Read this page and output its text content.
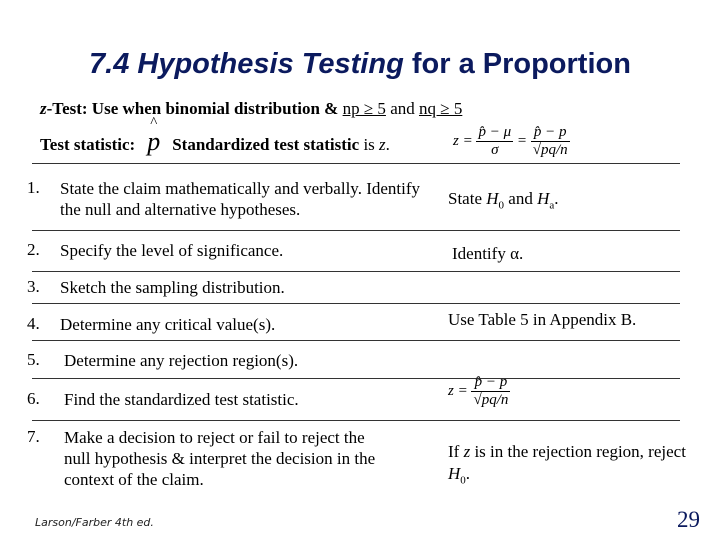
7.4 Hypothesis Testing for a Proportion
z-Test: Use when binomial distribution & np ≥ 5 and nq ≥ 5
Test statistic:^ p Standardized test statistic is z.	$z = \frac{p̂ - \mu}{\sigma} = \frac{p̂ - p}{√pq/n}$
1. State the claim mathematically and verbally. Identify the null and alternative hypotheses.
State $H_0$ and $H_a$.
2. Specify the level of significance.	Identify α.
3. Sketch the sampling distribution.
4. Determine any critical value(s).	Use Table 5 in Appendix B.
5. Determine any rejection region(s).
6. Find the standardized test statistic.	$z = \frac{p̂ - p}{√pq/n}$
7. Make a decision to reject or fail to reject the null hypothesis & interpret the decision in the context of the claim.
If z is in the rejection region, reject $H_0$.
Larson/Farber 4th ed.	29
